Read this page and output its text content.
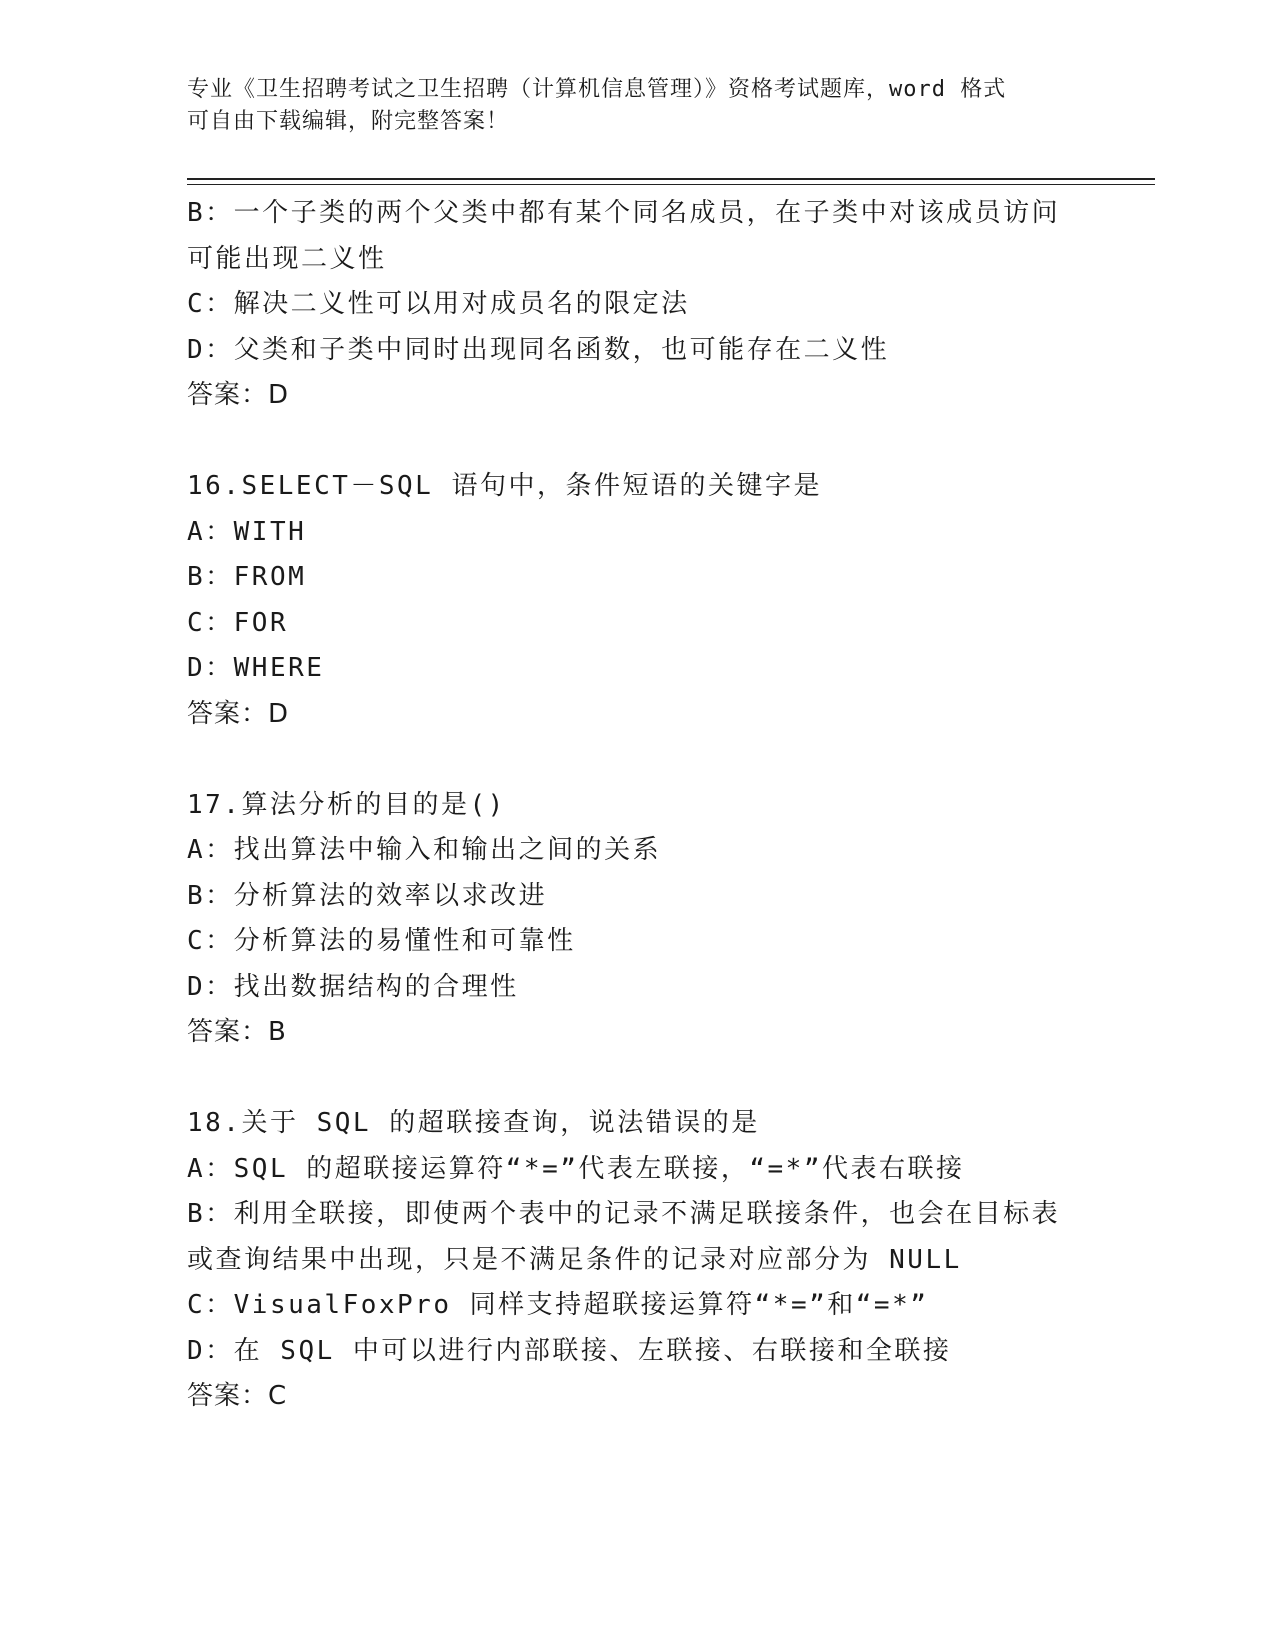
专业《卫生招聘考试之卫生招聘（计算机信息管理）》资格考试题库，word 格式
可自由下载编辑，附完整答案！
B：一个子类的两个父类中都有某个同名成员，在子类中对该成员访问
可能出现二义性
C：解决二义性可以用对成员名的限定法
D：父类和子类中同时出现同名函数，也可能存在二义性
答案：D
16.SELECT－SQL 语句中，条件短语的关键字是
A：WITH
B：FROM
C：FOR
D：WHERE
答案：D
17.算法分析的目的是()
A：找出算法中输入和输出之间的关系
B：分析算法的效率以求改进
C：分析算法的易懂性和可靠性
D：找出数据结构的合理性
答案：B
18.关于 SQL 的超联接查询，说法错误的是
A：SQL 的超联接运算符“*=”代表左联接，“=*”代表右联接
B：利用全联接，即使两个表中的记录不满足联接条件，也会在目标表
或查询结果中出现，只是不满足条件的记录对应部分为 NULL
C：VisualFoxPro 同样支持超联接运算符“*=”和“=*”
D：在 SQL 中可以进行内部联接、左联接、右联接和全联接
答案：C
